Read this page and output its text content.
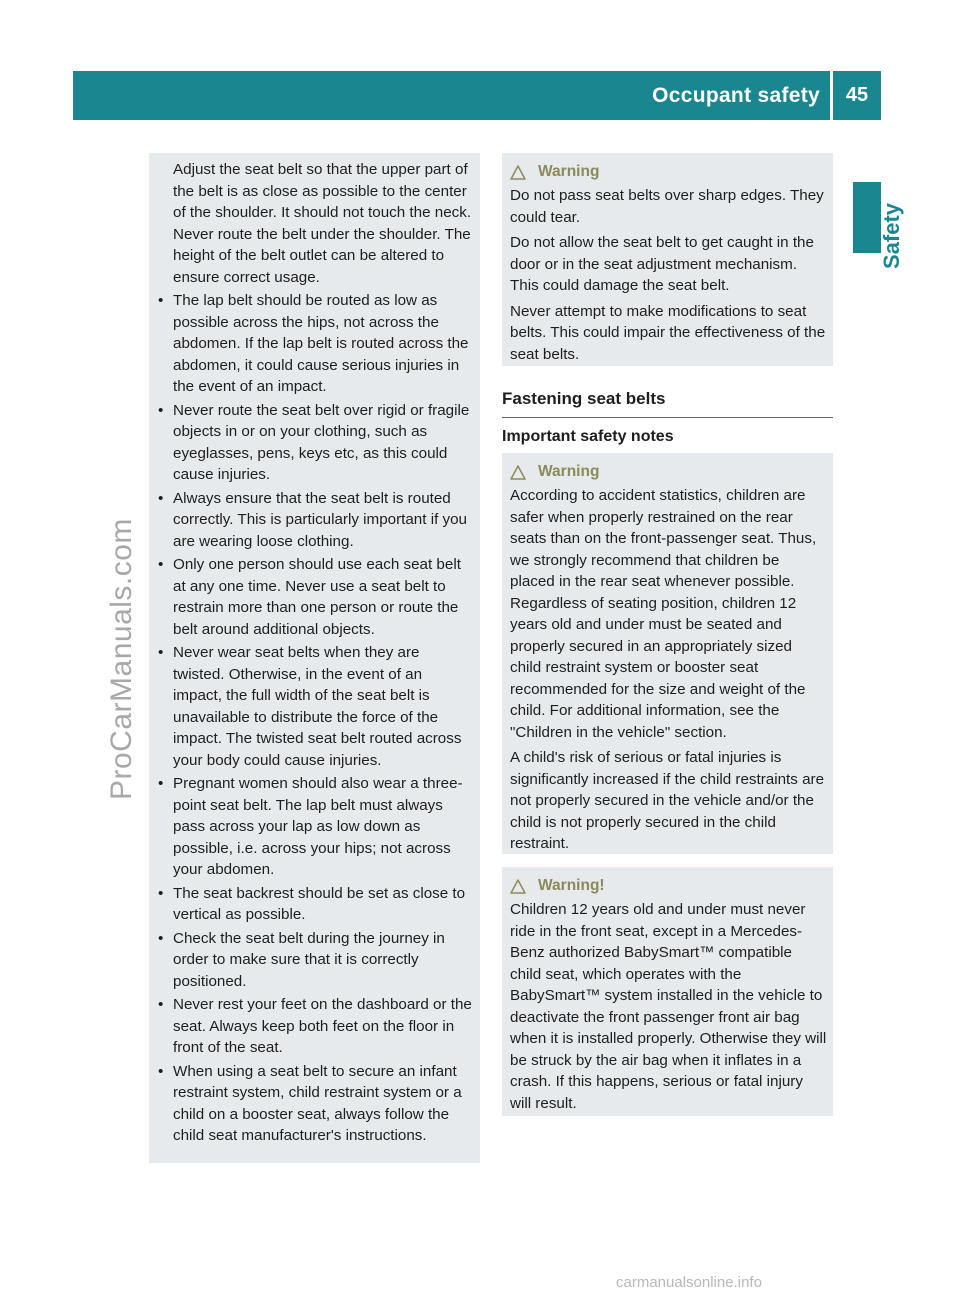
Occupant safety 45
Safety
ProCarManuals.com
carmanualsonline.info

Adjust the seat belt so that the upper part of the belt is as close as possible to the center of the shoulder. It should not touch the neck. Never route the belt under the shoulder. The height of the belt outlet can be altered to ensure correct usage.

• The lap belt should be routed as low as possible across the hips, not across the abdomen. If the lap belt is routed across the abdomen, it could cause serious injuries in the event of an impact.
• Never route the seat belt over rigid or fragile objects in or on your clothing, such as eyeglasses, pens, keys etc, as this could cause injuries.
• Always ensure that the seat belt is routed correctly. This is particularly important if you are wearing loose clothing.
• Only one person should use each seat belt at any one time. Never use a seat belt to restrain more than one person or route the belt around additional objects.
• Never wear seat belts when they are twisted. Otherwise, in the event of an impact, the full width of the seat belt is unavailable to distribute the force of the impact. The twisted seat belt routed across your body could cause injuries.
• Pregnant women should also wear a three-point seat belt. The lap belt must always pass across your lap as low down as possible, i.e. across your hips; not across your abdomen.
• The seat backrest should be set as close to vertical as possible.
• Check the seat belt during the journey in order to make sure that it is correctly positioned.
• Never rest your feet on the dashboard or the seat. Always keep both feet on the floor in front of the seat.
• When using a seat belt to secure an infant restraint system, child restraint system or a child on a booster seat, always follow the child seat manufacturer's instructions.
Warning

Do not pass seat belts over sharp edges. They could tear.

Do not allow the seat belt to get caught in the door or in the seat adjustment mechanism. This could damage the seat belt.

Never attempt to make modifications to seat belts. This could impair the effectiveness of the seat belts.

Fastening seat belts
Important safety notes
Warning

According to accident statistics, children are safer when properly restrained on the rear seats than on the front-passenger seat. Thus, we strongly recommend that children be placed in the rear seat whenever possible. Regardless of seating position, children 12 years old and under must be seated and properly secured in an appropriately sized child restraint system or booster seat recommended for the size and weight of the child. For additional information, see the "Children in the vehicle" section.

A child's risk of serious or fatal injuries is significantly increased if the child restraints are not properly secured in the vehicle and/or the child is not properly secured in the child restraint.

Warning!

Children 12 years old and under must never ride in the front seat, except in a Mercedes-Benz authorized BabySmart™ compatible child seat, which operates with the BabySmart™ system installed in the vehicle to deactivate the front passenger front air bag when it is installed properly. Otherwise they will be struck by the air bag when it inflates in a crash. If this happens, serious or fatal injury will result.
